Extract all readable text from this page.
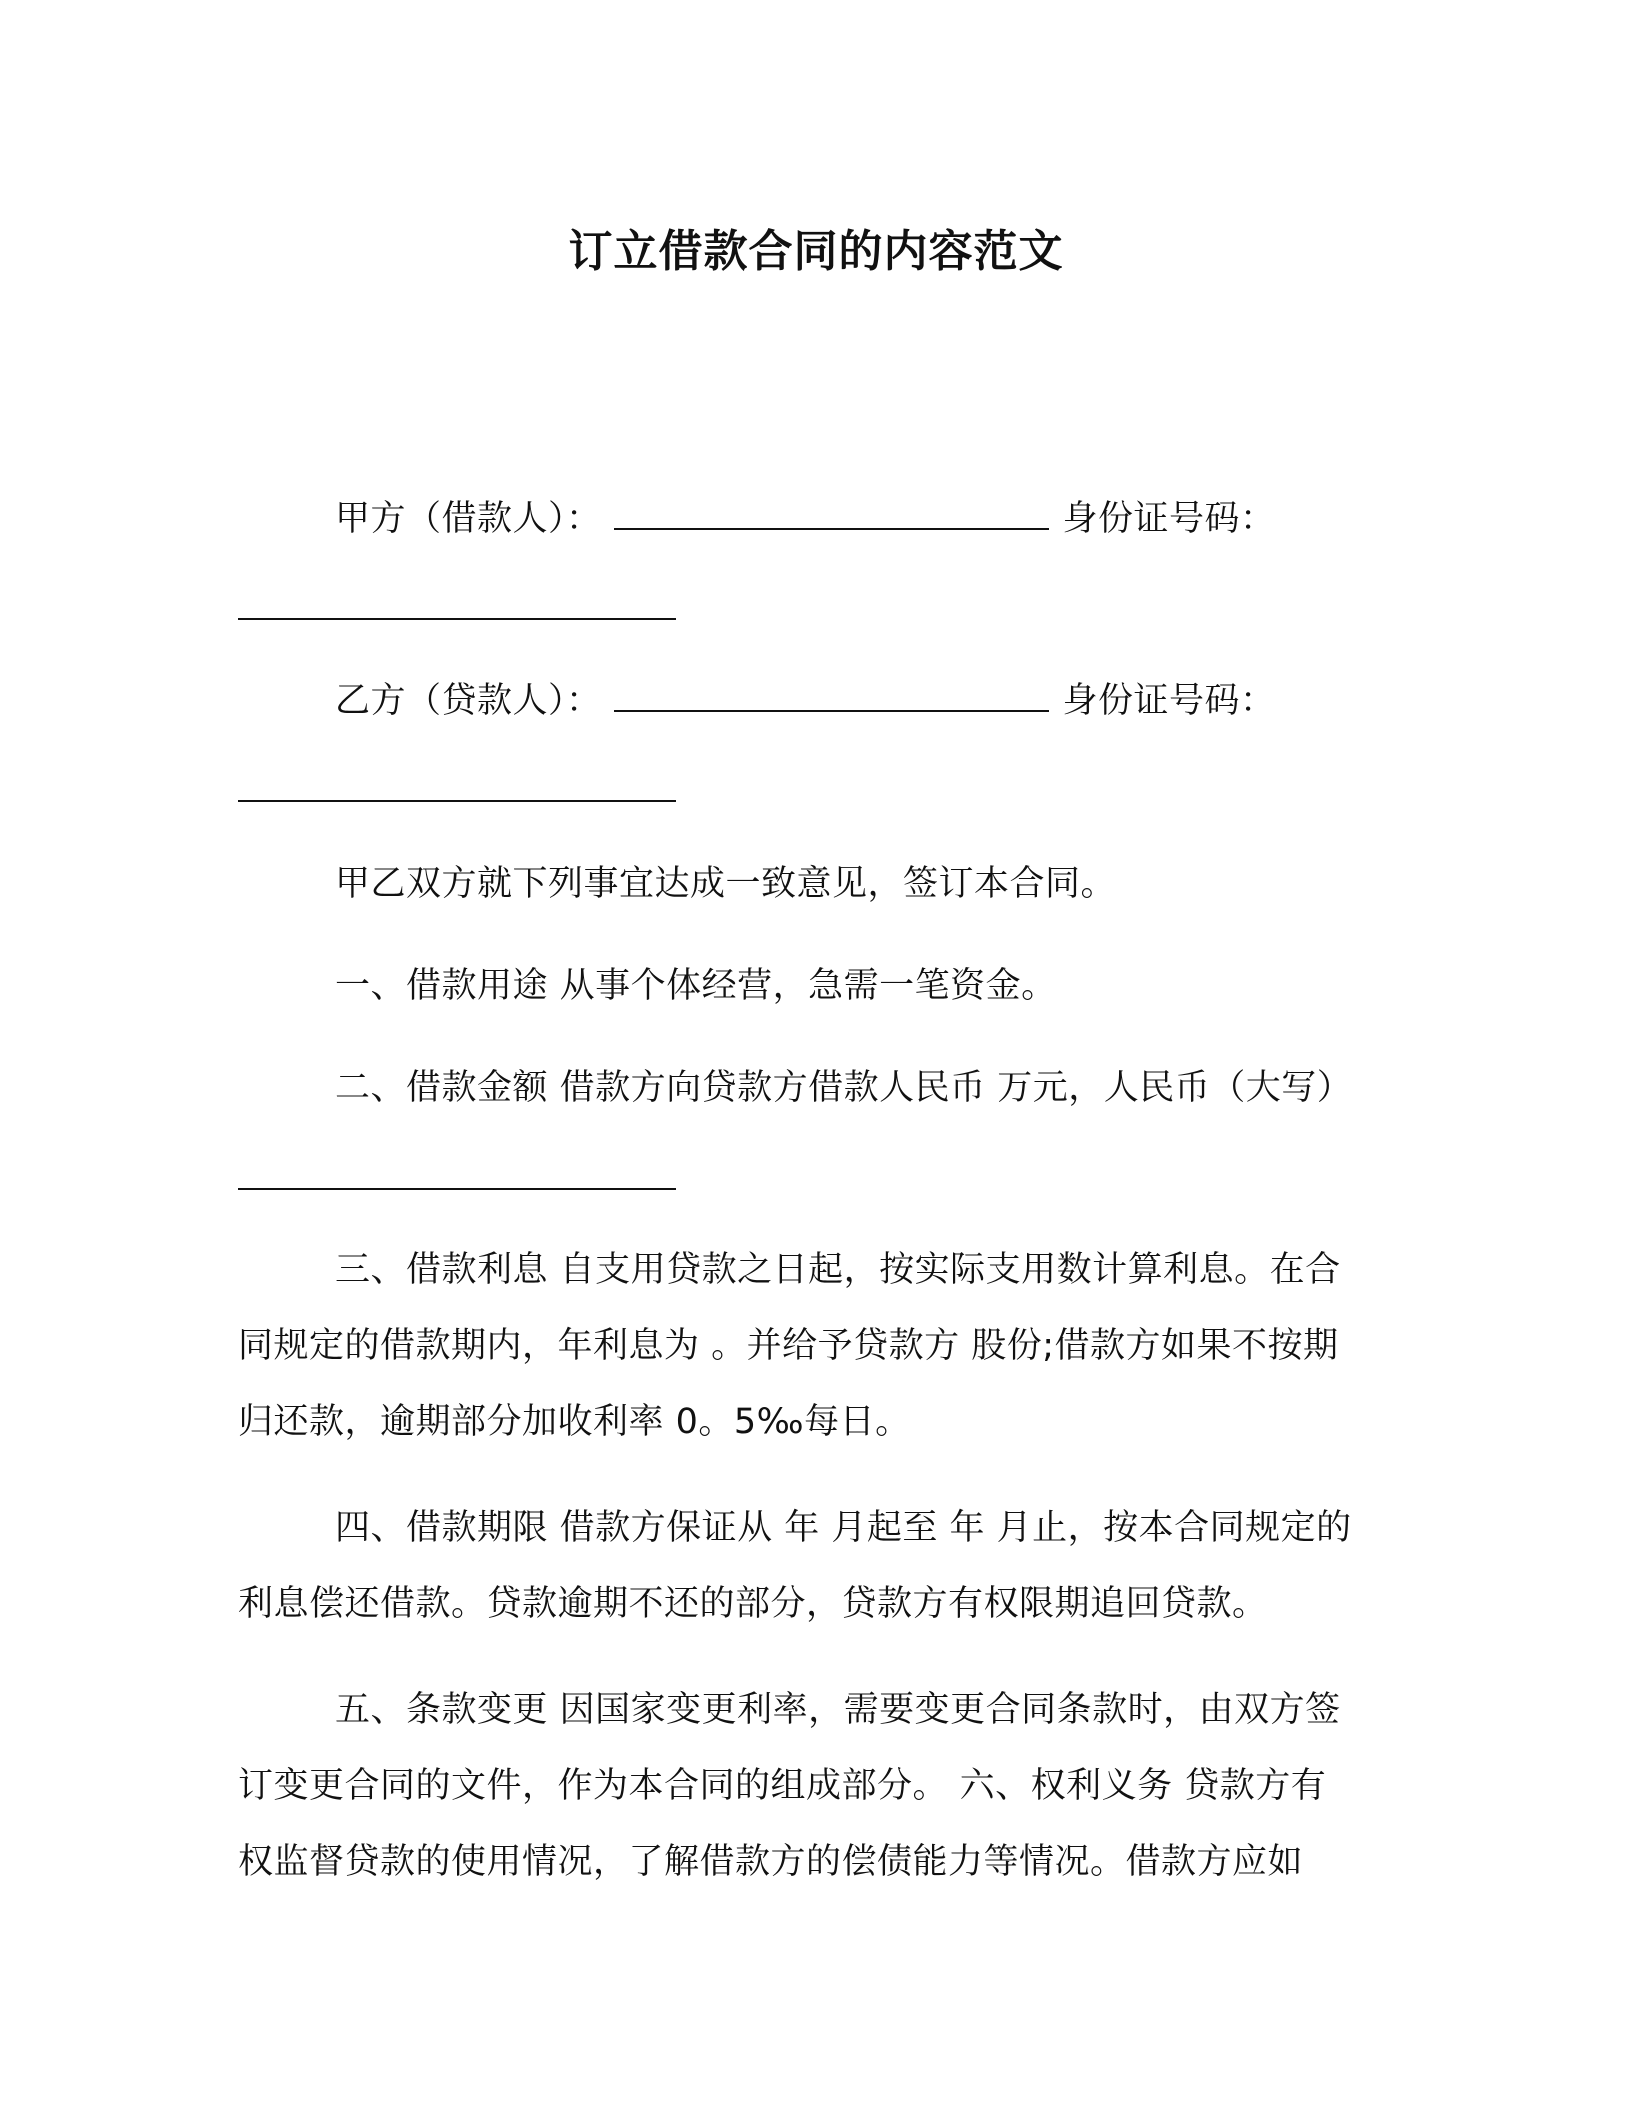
订立借款合同的内容范文
甲方（借款人）：	身份证号码：
乙方（贷款人）：	身份证号码：
甲乙双方就下列事宜达成一致意见，签订本合同。
一、借款用途 从事个体经营，急需一笔资金。
二、借款金额 借款方向贷款方借款人民币 万元，人民币（大写）
三、借款利息 自支用贷款之日起，按实际支用数计算利息。在合
同规定的借款期内，年利息为 。并给予贷款方 股份;借款方如果不按期
归还款，逾期部分加收利率 0。5‰每日。
四、借款期限 借款方保证从 年 月起至 年 月止，按本合同规定的
利息偿还借款。贷款逾期不还的部分，贷款方有权限期追回贷款。
五、条款变更 因国家变更利率，需要变更合同条款时，由双方签
订变更合同的文件，作为本合同的组成部分。 六、权利义务 贷款方有
权监督贷款的使用情况，了解借款方的偿债能力等情况。借款方应如
